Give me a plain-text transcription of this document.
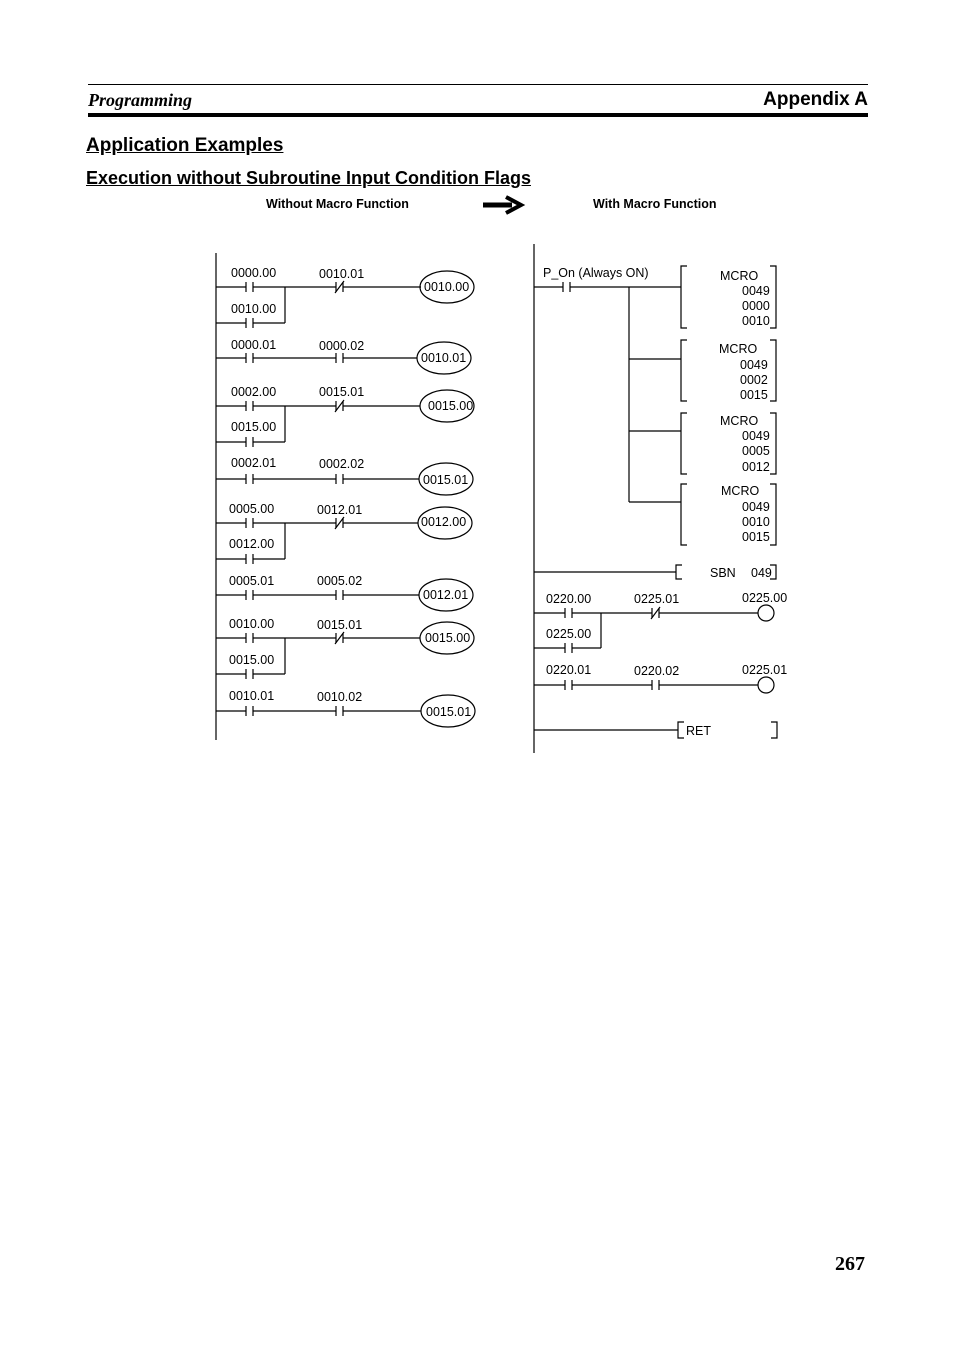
Programming	Appendix A
Application Examples
Execution without Subroutine Input Condition Flags
Without Macro Function	With Macro Function
0000.00	0010.01
0010.00
0010.00
0000.01	0000.02
0010.01
0002.00	0015.01
0015.00
0015.00
0002.01	0002.02
0015.01
0005.00	0012.01
0012.00
0012.00
0005.01	0005.02
0012.01
0010.00	0015.01
0015.00
0015.00
0010.01	0010.02
0015.01
P_On (Always ON)	MCRO
0049
0000
0010
MCRO
0049
0002
0015
MCRO
0049
0005
0012
MCRO
0049
0010
0015
SBN 049
0220.00	0225.01	0225.00
0225.00
0220.01	0220.02	0225.01
RET
267
